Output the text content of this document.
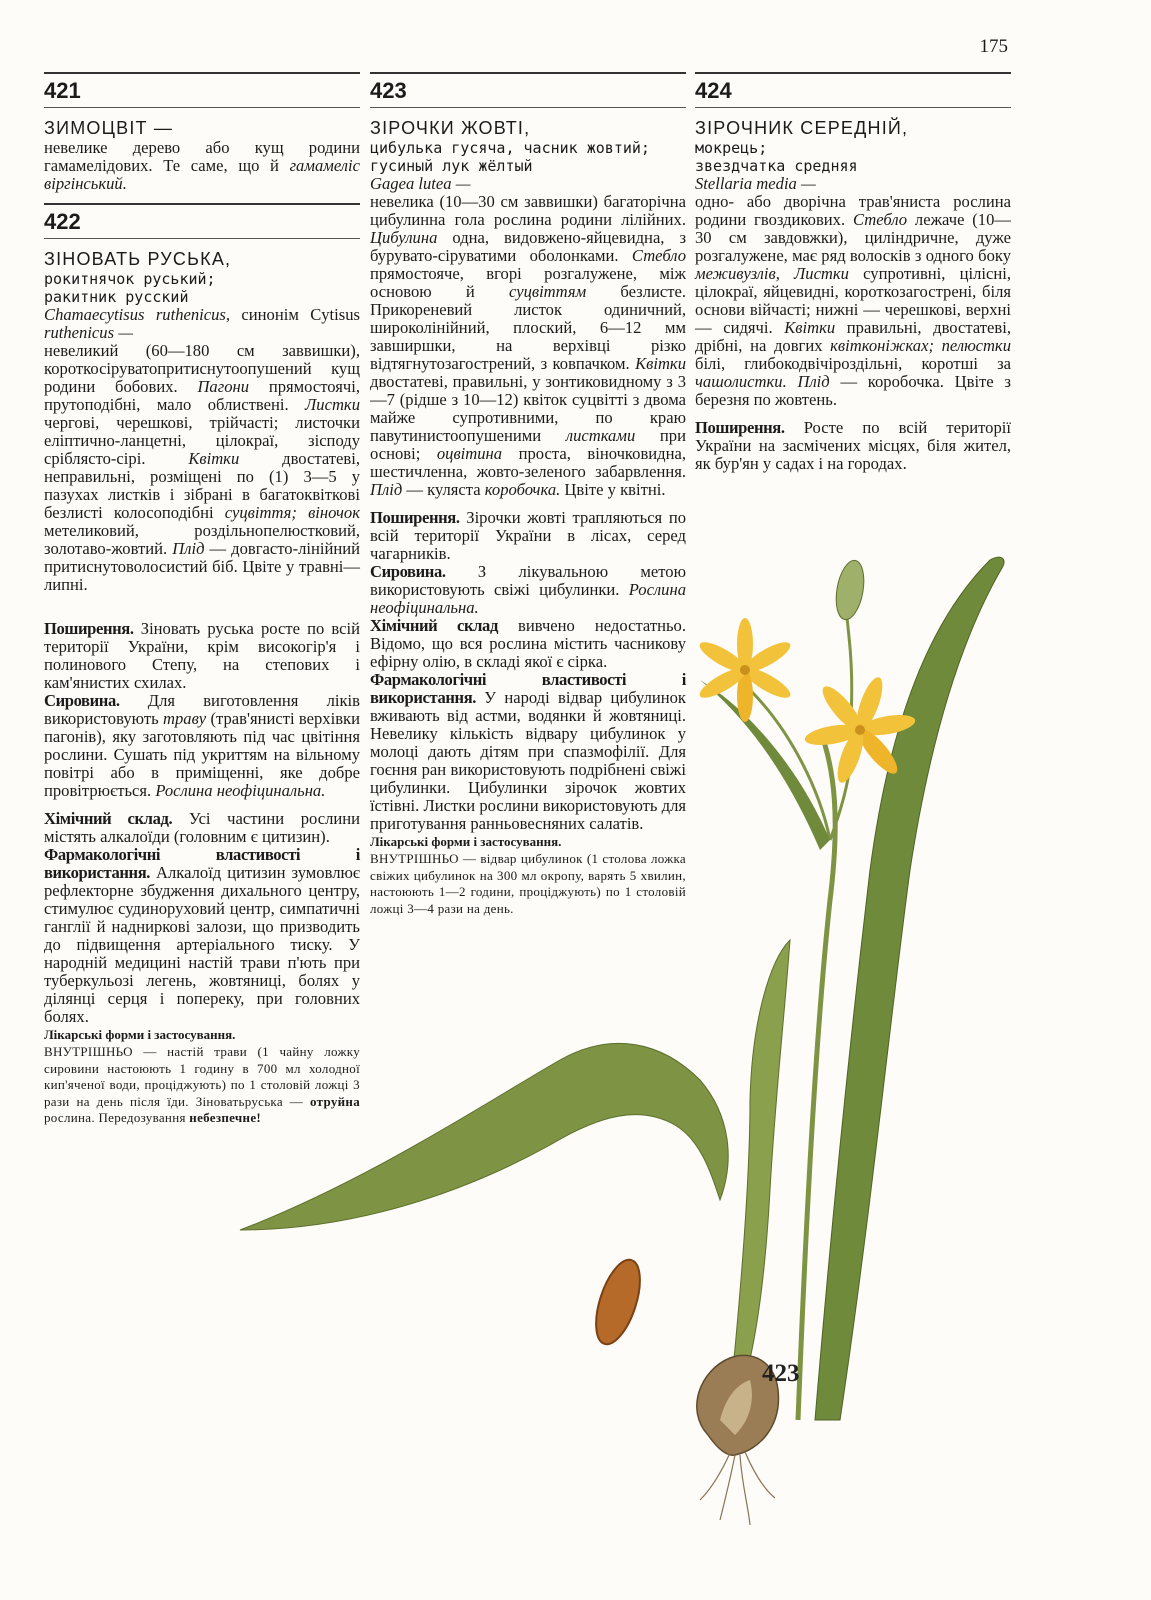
175
421
ЗИМОЦВІТ —

невелике дерево або кущ родини гамамелідових. Те саме, що й гамамеліс віргінський.

422
ЗІНОВАТЬ РУСЬКА,
рокитнячок руський;
ракитник русский

Chamaecytisus ruthenicus, синонім Cytisus ruthenicus —

невеликий (60—180 см заввишки), короткосіруватопритиснутоопушений кущ родини бобових. Пагони прямостоячі, прутоподібні, мало облиствені. Листки чергові, черешкові, трійчасті; листочки еліптично-ланцетні, цілокраї, зісподу сріблясто-сірі. Квітки двостатеві, неправильні, розміщені по (1) 3—5 у пазухах листків і зібрані в багатоквіткові безлисті колосоподібні суцвіття; віночок метеликовий, роздільнопелюстковий, золотаво-жовтий. Плід — довгасто-лінійний притиснутоволосистий біб. Цвіте у травні—липні.

Поширення. Зіновать руська росте по всій території України, крім високогір'я і полинового Степу, на степових і кам'янистих схилах.

Сировина. Для виготовлення ліків використовують траву (трав'янисті верхівки пагонів), яку заготовляють під час цвітіння рослини. Сушать під укриттям на вільному повітрі або в приміщенні, яке добре провітрюється. Рослина неофіцинальна.

Хімічний склад. Усі частини рослини містять алкалоїди (головним є цитизин).

Фармакологічні властивості і використання. Алкалоїд цитизин зумовлює рефлекторне збудження дихального центру, стимулює судиноруховий центр, симпатичні ганглії й надниркові залози, що призводить до підвищення артеріального тиску. У народній медицині настій трави п'ють при туберкульозі легень, жовтяниці, болях у ділянці серця і попереку, при головних болях.

Лікарські форми і застосування.

ВНУТРІШНЬО — настій трави (1 чайну ложку сировини настоюють 1 годину в 700 мл холодної кип'яченої води, проціджують) по 1 столовій ложці 3 рази на день після їди. Зіноватьруська — отруйна рослина. Передозування небезпечне!

423
ЗІРОЧКИ ЖОВТІ,
цибулька гусяча, часник жовтий;
гусиный лук жёлтый

Gagea lutea —

невелика (10—30 см заввишки) багаторічна цибулинна гола рослина родини лілійних. Цибулина одна, видовжено-яйцевидна, з бурувато-сіруватими оболонками. Стебло прямостояче, вгорі розгалужене, між основою й суцвіттям безлисте. Прикореневий листок одиничний, широколінійний, плоский, 6—12 мм завширшки, на верхівці різко відтягнутозагострений, з ковпачком. Квітки двостатеві, правильні, у зонтиковидному з 3—7 (рідше з 10—12) квіток суцвітті з двома майже супротивними, по краю павутинистоопушеними листками при основі; оцвітина проста, віночковидна, шестичленна, жовто-зеленого забарвлення. Плід — куляста коробочка. Цвіте у квітні.

Поширення. Зірочки жовті трапляються по всій території України в лісах, серед чагарників.

Сировина. З лікувальною метою використовують свіжі цибулинки. Рослина неофіцинальна.

Хімічний склад вивчено недостатньо. Відомо, що вся рослина містить часникову ефірну олію, в складі якої є сірка.

Фармакологічні властивості і використання. У народі відвар цибулинок вживають від астми, водянки й жовтяниці. Невелику кількість відвару цибулинок у молоці дають дітям при спазмофілії. Для гоєння ран використовують подрібнені свіжі цибулинки. Цибулинки зірочок жовтих їстівні. Листки рослини використовують для приготування ранньовесняних салатів.

Лікарські форми і застосування.

ВНУТРІШНЬО — відвар цибулинок (1 столова ложка свіжих цибулинок на 300 мл окропу, варять 5 хвилин, настоюють 1—2 години, проціджують) по 1 столовій ложці 3—4 рази на день.

424
ЗІРОЧНИК СЕРЕДНІЙ,
мокрець;
звездчатка средняя

Stellaria media —

одно- або дворічна трав'яниста рослина родини гвоздикових. Стебло лежаче (10—30 см завдовжки), циліндричне, дуже розгалужене, має ряд волосків з одного боку меживузлів, Листки супротивні, цілісні, цілокраї, яйцевидні, короткозагострені, біля основи війчасті; нижні — черешкові, верхні — сидячі. Квітки правильні, двостатеві, дрібні, на довгих квітконіжках; пелюстки білі, глибокодвічіроздільні, коротші за чашолистки. Плід — коробочка. Цвіте з березня по жовтень.

Поширення. Росте по всій території України на засмічених місцях, біля жител, як бур'ян у садах і на городах.

423
